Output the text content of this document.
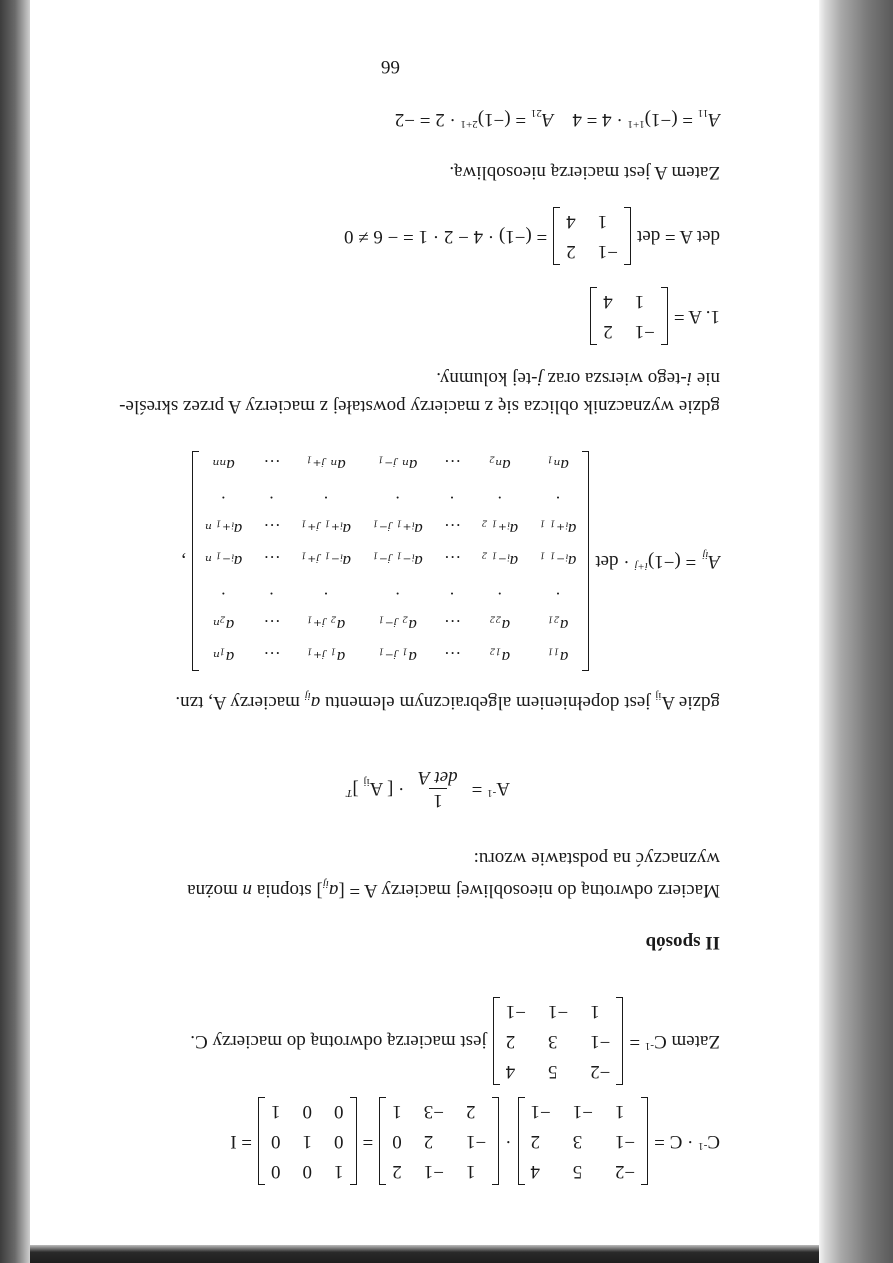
$C^{-1} \cdot C$ =
−2
5
4
−1
3
2
1
−1
−1
·
1
−1
2
−1
2
0
2
−3
1
=
1
0
0
0
1
0
0
0
1
= I
Zatem $C^{-1}$ =
−2
5
4
−1
3
2
1
−1
−1
jest macierzą odwrotną do macierzy C.
II sposób
Macierz odwrotną do nieosobliwej macierzy $A = [a_{ij}]$ stopnia n można
wyznaczyć na podstawie wzoru:
$A^{-1}$ =
1
det A
· [ $A_{ij}$ ]$^T$
gdzie $A_{ij}$ jest dopełnieniem algebraicznym elementu $a_{ij}$ macierzy A, tzn.
$A_{ij}$
= $(-1)^{i+j} \cdot \det$
a₁₁
a₁₂
…
a₁ ⱼ₋₁
a₁ ⱼ₊₁
…
a₁ₙ
a₂₁
a₂₂
…
a₂ ⱼ₋₁
a₂ ⱼ₊₁
…
a₂ₙ
·
·
·
·
·
·
·
aᵢ₋₁ ₁
aᵢ₋₁ ₂
…
aᵢ₋₁ ⱼ₋₁
aᵢ₋₁ ⱼ₊₁
…
aᵢ₋₁ ₙ
aᵢ₊₁ ₁
aᵢ₊₁ ₂
…
aᵢ₊₁ ⱼ₋₁
aᵢ₊₁ ⱼ₊₁
…
aᵢ₊₁ ₙ
·
·
·
·
·
·
·
aₙ₁
aₙ₂
…
aₙ ⱼ₋₁
aₙ ⱼ₊₁
…
aₙₙ
,
gdzie wyznacznik oblicza się z macierzy powstałej z macierzy A przez skreśle-
nie i-tego wiersza oraz j-tej kolumny.
1. A =
−1
2
1
4
det A = det
−1
2
1
4
= (−1) · 4 − 2 · 1 = − 6 ≠ 0
Zatem A jest macierzą nieosobliwą.
$A_{11} = (-1)^{1+1} \cdot 4 = 4$    $A_{21} = (-1)^{2+1} \cdot 2 = -2$
66
